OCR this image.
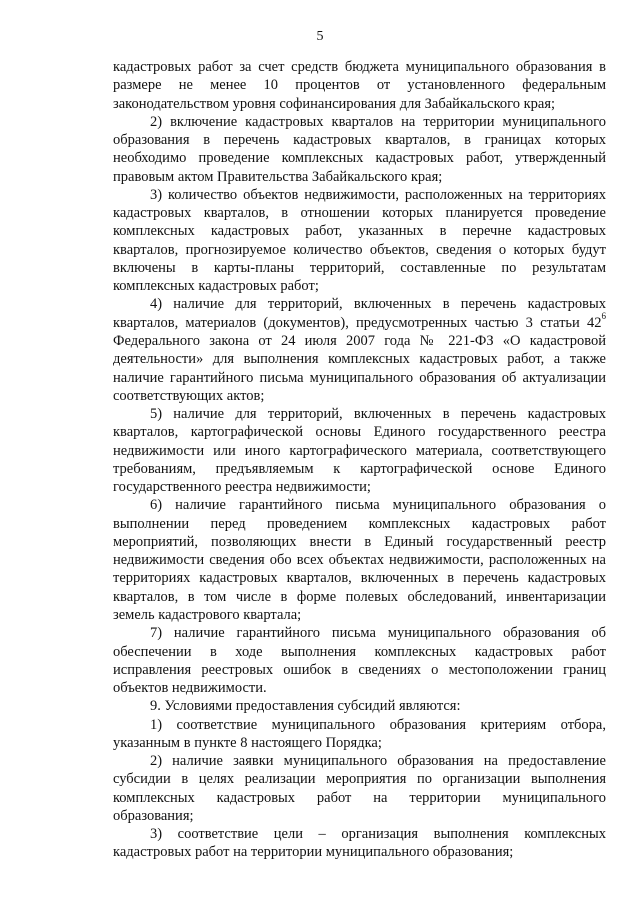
5
кадастровых работ за счет средств бюджета муниципального образования в
размере не менее 10 процентов от установленного федеральным
законодательством уровня софинансирования для Забайкальского края;
2) включение кадастровых кварталов на территории муниципального
образования в перечень кадастровых кварталов, в границах которых
необходимо проведение комплексных кадастровых работ, утвержденный
правовым актом Правительства Забайкальского края;
3) количество объектов недвижимости, расположенных на территориях
кадастровых кварталов, в отношении которых планируется проведение
комплексных кадастровых работ, указанных в перечне кадастровых
кварталов, прогнозируемое количество объектов, сведения о которых будут
включены в карты-планы территорий, составленные по результатам
комплексных кадастровых работ;
4) наличие для территорий, включенных в перечень кадастровых
кварталов, материалов (документов), предусмотренных частью 3 статьи $42^6$
Федерального закона от 24 июля 2007 года № 221-ФЗ «О кадастровой
деятельности» для выполнения комплексных кадастровых работ, а также
наличие гарантийного письма муниципального образования об актуализации
соответствующих актов;
5) наличие для территорий, включенных в перечень кадастровых
кварталов, картографической основы Единого государственного реестра
недвижимости или иного картографического материала, соответствующего
требованиям, предъявляемым к картографической основе Единого
государственного реестра недвижимости;
6) наличие гарантийного письма муниципального образования о
выполнении перед проведением комплексных кадастровых работ
мероприятий, позволяющих внести в Единый государственный реестр
недвижимости сведения обо всех объектах недвижимости, расположенных на
территориях кадастровых кварталов, включенных в перечень кадастровых
кварталов, в том числе в форме полевых обследований, инвентаризации
земель кадастрового квартала;
7) наличие гарантийного письма муниципального образования об
обеспечении в ходе выполнения комплексных кадастровых работ
исправления реестровых ошибок в сведениях о местоположении границ
объектов недвижимости.
9. Условиями предоставления субсидий являются:
1) соответствие муниципального образования критериям отбора,
указанным в пункте 8 настоящего Порядка;
2) наличие заявки муниципального образования на предоставление
субсидии в целях реализации мероприятия по организации выполнения
комплексных кадастровых работ на территории муниципального
образования;
3) соответствие цели – организация выполнения комплексных
кадастровых работ на территории муниципального образования;
